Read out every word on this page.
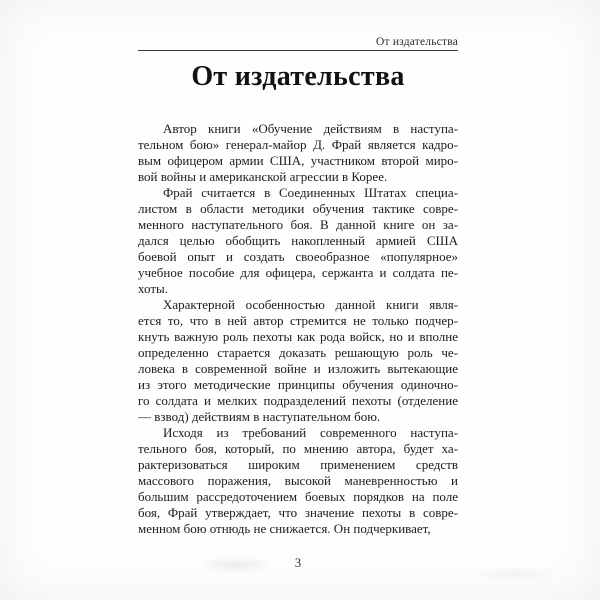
От издательства
От издательства

Автор книги «Обучение действиям в наступа-
тельном бою» генерал-майор Д. Фрай является кадро-
вым офицером армии США, участником второй миро-
вой войны и американской агрессии в Корее.

Фрай считается в Соединенных Штатах специа-
листом в области методики обучения тактике совре-
менного наступательного боя. В данной книге он за-
дался целью обобщить накопленный армией США
боевой опыт и создать своеобразное «популярное»
учебное пособие для офицера, сержанта и солдата пе-
хоты.

Характерной особенностью данной книги явля-
ется то, что в ней автор стремится не только подчер-
кнуть важную роль пехоты как рода войск, но и вполне
определенно старается доказать решающую роль че-
ловека в современной войне и изложить вытекающие
из этого методические принципы обучения одиночно-
го солдата и мелких подразделений пехоты (отделение
— взвод) действиям в наступательном бою.

Исходя из требований современного наступа-
тельного боя, который, по мнению автора, будет ха-
рактеризоваться широким применением средств
массового поражения, высокой маневренностью и
большим рассредоточением боевых порядков на поле
боя, Фрай утверждает, что значение пехоты в совре-
менном бою отнюдь не снижается. Он подчеркивает,

3
